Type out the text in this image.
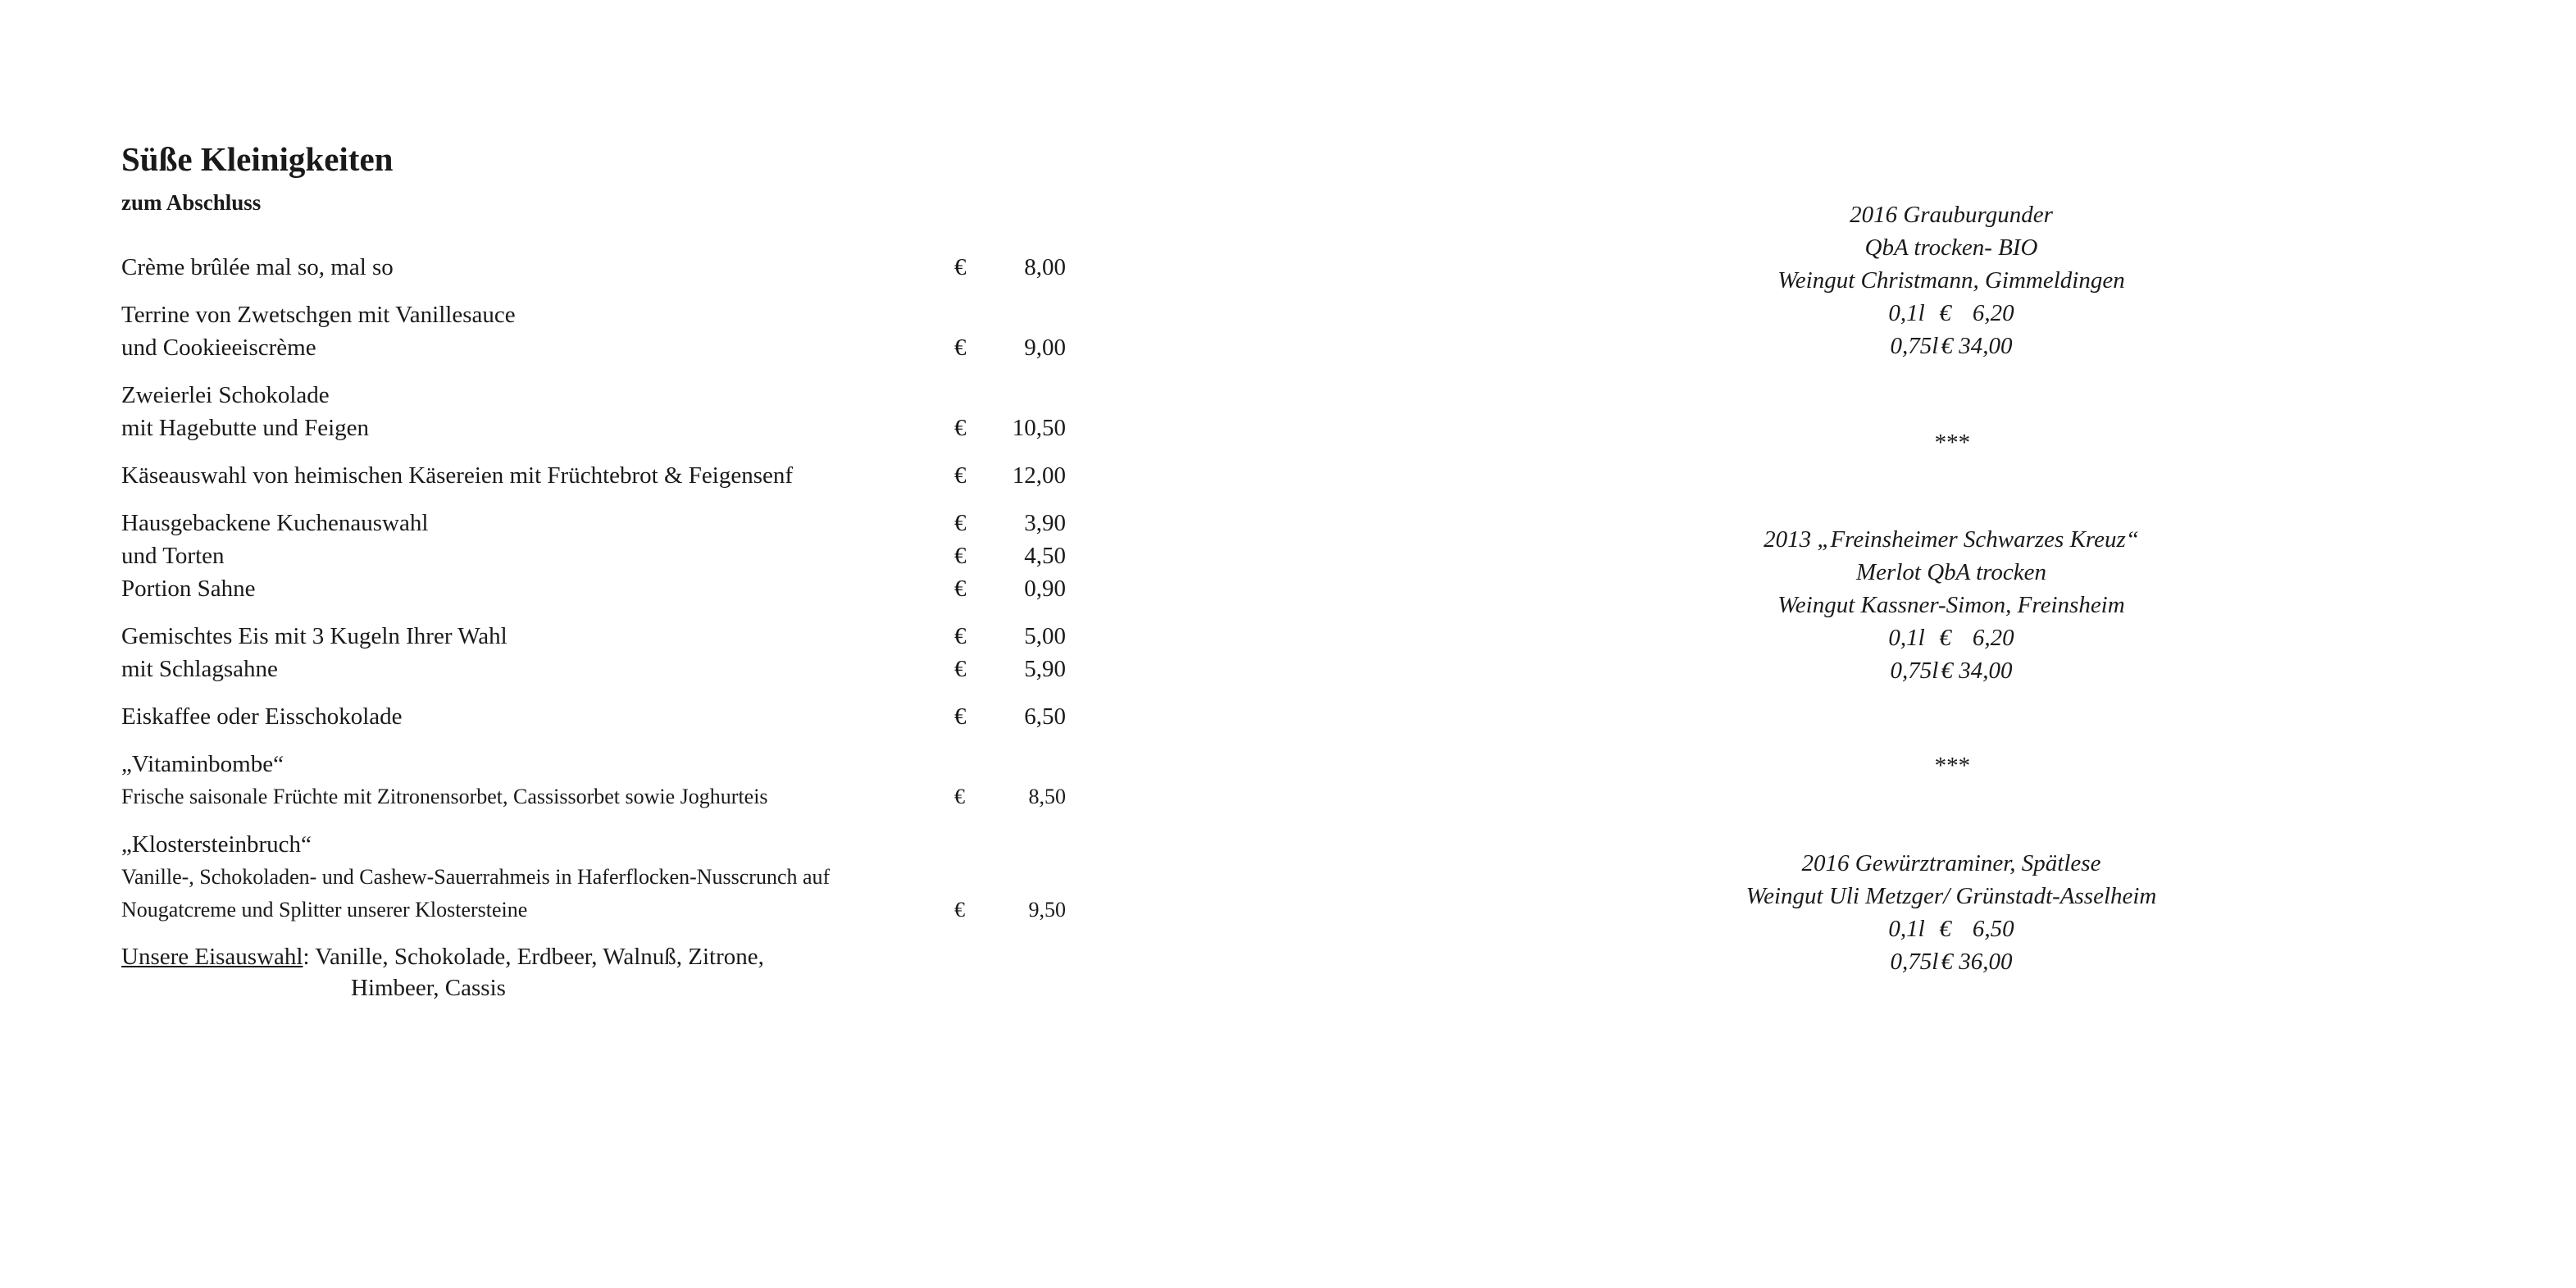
Süße Kleinigkeiten
zum Abschluss
Crème brûlée mal so, mal so	€	8,00
Terrine von Zwetschgen mit Vanillesauce
und Cookieeiscrème	€	9,00
Zweierlei Schokolade
mit Hagebutte und Feigen	€	10,50
Käseauswahl von heimischen Käsereien mit Früchtebrot & Feigensenf	€	12,00
Hausgebackene Kuchenauswahl	€	3,90
und Torten	€	4,50
Portion Sahne	€	0,90
Gemischtes Eis mit 3 Kugeln Ihrer Wahl	€	5,00
mit Schlagsahne	€	5,90
Eiskaffee oder Eisschokolade	€	6,50
„Vitaminbombe“
Frische saisonale Früchte mit Zitronensorbet, Cassissorbet sowie Joghurteis	€	8,50
„Klostersteinbruch“
Vanille-, Schokoladen- und Cashew-Sauerrahmeis in Haferflocken-Nusscrunch auf
Nougatcreme und Splitter unserer Klostersteine	€	9,50
Unsere Eisauswahl: Vanille, Schokolade, Erdbeer, Walnuß, Zitrone,
Himbeer, Cassis
2016 Grauburgunder
QbA trocken- BIO
Weingut Christmann, Gimmeldingen
0,1l € 6,20
0,75l € 34,00
***
2013 „Freinsheimer Schwarzes Kreuz“
Merlot QbA trocken
Weingut Kassner-Simon, Freinsheim
0,1l € 6,20
0,75l € 34,00
***
2016 Gewürztraminer, Spätlese
Weingut Uli Metzger/ Grünstadt-Asselheim
0,1l € 6,50
0,75l € 36,00
